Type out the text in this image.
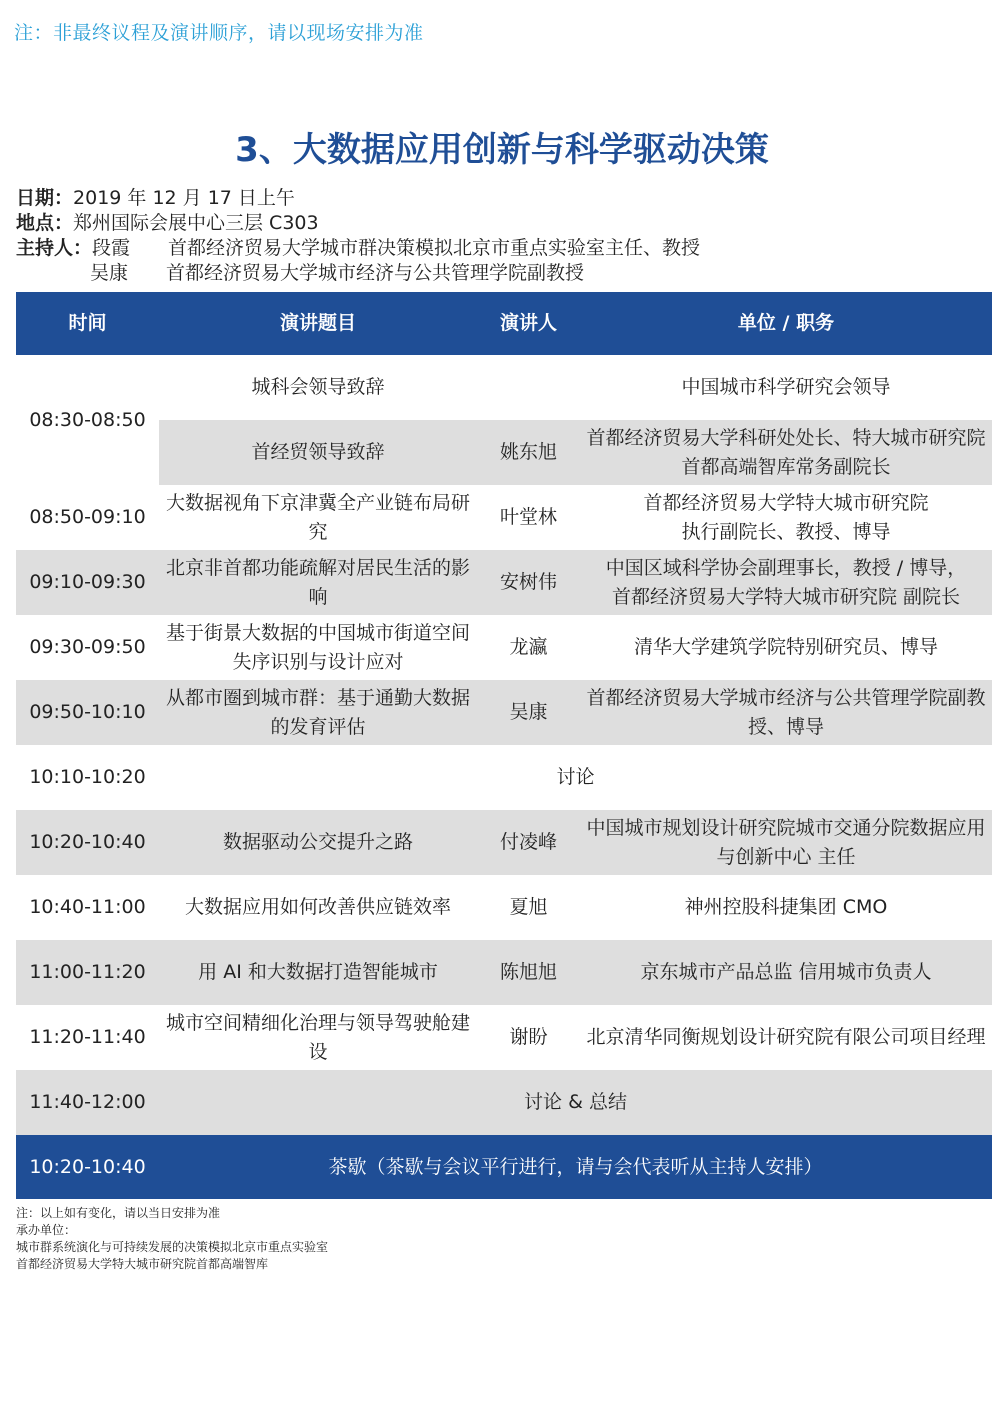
注：非最终议程及演讲顺序，请以现场安排为准
3、大数据应用创新与科学驱动决策
日期：2019 年 12 月 17 日上午
地点：郑州国际会展中心三层 C303
主持人：段霞 首都经济贸易大学城市群决策模拟北京市重点实验室主任、教授
吴康 首都经济贸易大学城市经济与公共管理学院副教授
时间	演讲题目	演讲人	单位 / 职务
08:30-08:50	城科会领导致辞		中国城市科学研究会领导
	首经贸领导致辞	姚东旭	首都经济贸易大学科研处处长、特大城市研究院首都高端智库常务副院长
08:50-09:10	大数据视角下京津冀全产业链布局研究	叶堂林	首都经济贸易大学特大城市研究院
执行副院长、教授、博导
09:10-09:30	北京非首都功能疏解对居民生活的影响	安树伟	中国区域科学协会副理事长，教授 / 博导，
首都经济贸易大学特大城市研究院 副院长
09:30-09:50	基于街景大数据的中国城市街道空间失序识别与设计应对	龙瀛	清华大学建筑学院特别研究员、博导
09:50-10:10	从都市圈到城市群：基于通勤大数据的发育评估	吴康	首都经济贸易大学城市经济与公共管理学院副教授、博导
10:10-10:20	讨论		
10:20-10:40	数据驱动公交提升之路	付凌峰	中国城市规划设计研究院城市交通分院数据应用与创新中心 主任
10:40-11:00	大数据应用如何改善供应链效率	夏旭	神州控股科捷集团 CMO
11:00-11:20	用 AI 和大数据打造智能城市	陈旭旭	京东城市产品总监 信用城市负责人
11:20-11:40	城市空间精细化治理与领导驾驶舱建设	谢盼	北京清华同衡规划设计研究院有限公司项目经理
11:40-12:00	讨论 & 总结		
10:20-10:40	茶歇（茶歇与会议平行进行，请与会代表听从主持人安排）		
注：以上如有变化，请以当日安排为准
承办单位：
城市群系统演化与可持续发展的决策模拟北京市重点实验室
首都经济贸易大学特大城市研究院首都高端智库
